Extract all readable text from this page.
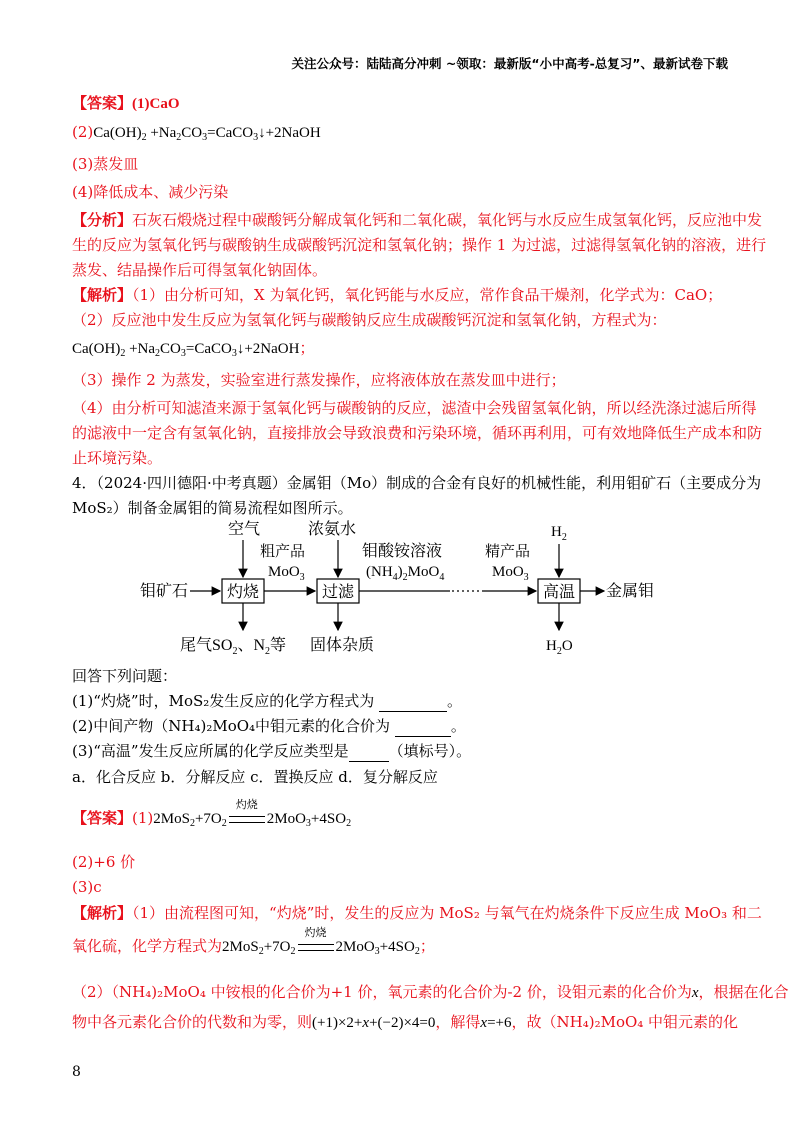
关注公众号：陆陆高分冲刺 ~领取：最新版“小中高考-总复习”、最新试卷下载
【答案】(1)CaO
$(2)Ca(OH)_2$ $+Na_2CO_3=CaCO_3↓+2NaOH$
(3)蒸发皿
(4)降低成本、减少污染
【分析】石灰石煅烧过程中碳酸钙分解成氧化钙和二氧化碳，氧化钙与水反应生成氢氧化钙，反应池中发
生的反应为氢氧化钙与碳酸钠生成碳酸钙沉淀和氢氧化钠；操作 1 为过滤，过滤得氢氧化钠的溶液，进行
蒸发、结晶操作后可得氢氧化钠固体。
【解析】（1）由分析可知，X 为氧化钙，氧化钙能与水反应，常作食品干燥剂，化学式为：CaO；
（2）反应池中发生反应为氢氧化钙与碳酸钠反应生成碳酸钙沉淀和氢氧化钠，方程式为：
$Ca(OH)_2$ $+Na_2CO_3=CaCO_3↓+2NaOH$；
（3）操作 2 为蒸发，实验室进行蒸发操作，应将液体放在蒸发皿中进行；
（4）由分析可知滤渣来源于氢氧化钙与碳酸钠的反应，滤渣中会残留氢氧化钠，所以经洗涤过滤后所得
的滤液中一定含有氢氧化钠，直接排放会导致浪费和污染环境，循环再利用，可有效地降低生产成本和防
止环境污染。
4．（2024·四川德阳·中考真题）金属钼（Mo）制成的合金有良好的机械性能，利用钼矿石（主要成分为
MoS₂）制备金属钼的简易流程如图所示。
钼矿石 灼烧	过滤	高温 金属钼
空气
粗产品
MoO$_3$
浓氨水
钼酸铵溶液
$(NH_4)_2MoO_4$
精产品
MoO$_3$
$H_2$
尾气$SO_2$、$N_2$等 固体杂质	$H_2O$
回答下列问题：
(1)“灼烧”时，MoS₂发生反应的化学方程式为	。
(2)中间产物（NH₄)₂MoO₄中钼元素的化合价为	。
(3)“高温”发生反应所属的化学反应类型是	（填标号）。
a．化合反应 b．分解反应 c．置换反应 d．复分解反应
【答案】$(1)2MoS_2+7O_2$
灼烧
$2MoO_3+4SO_2$
(2)+6 价
(3)c
【解析】（1）由流程图可知，“灼烧”时，发生的反应为 MoS₂ 与氧气在灼烧条件下反应生成 MoO₃ 和二
氧化硫，化学方程式为$2MoS_2+7O_2$
灼烧
$2MoO_3+4SO_2$；
（2）（NH₄)₂MoO₄ 中铵根的化合价为+1 价，氧元素的化合价为-2 价，设钼元素的化合价为x，根据在化合
物中各元素化合价的代数和为零，则(+1)×2+x+(−2)×4=0，解得x=+6，故（NH₄)₂MoO₄ 中钼元素的化
8
